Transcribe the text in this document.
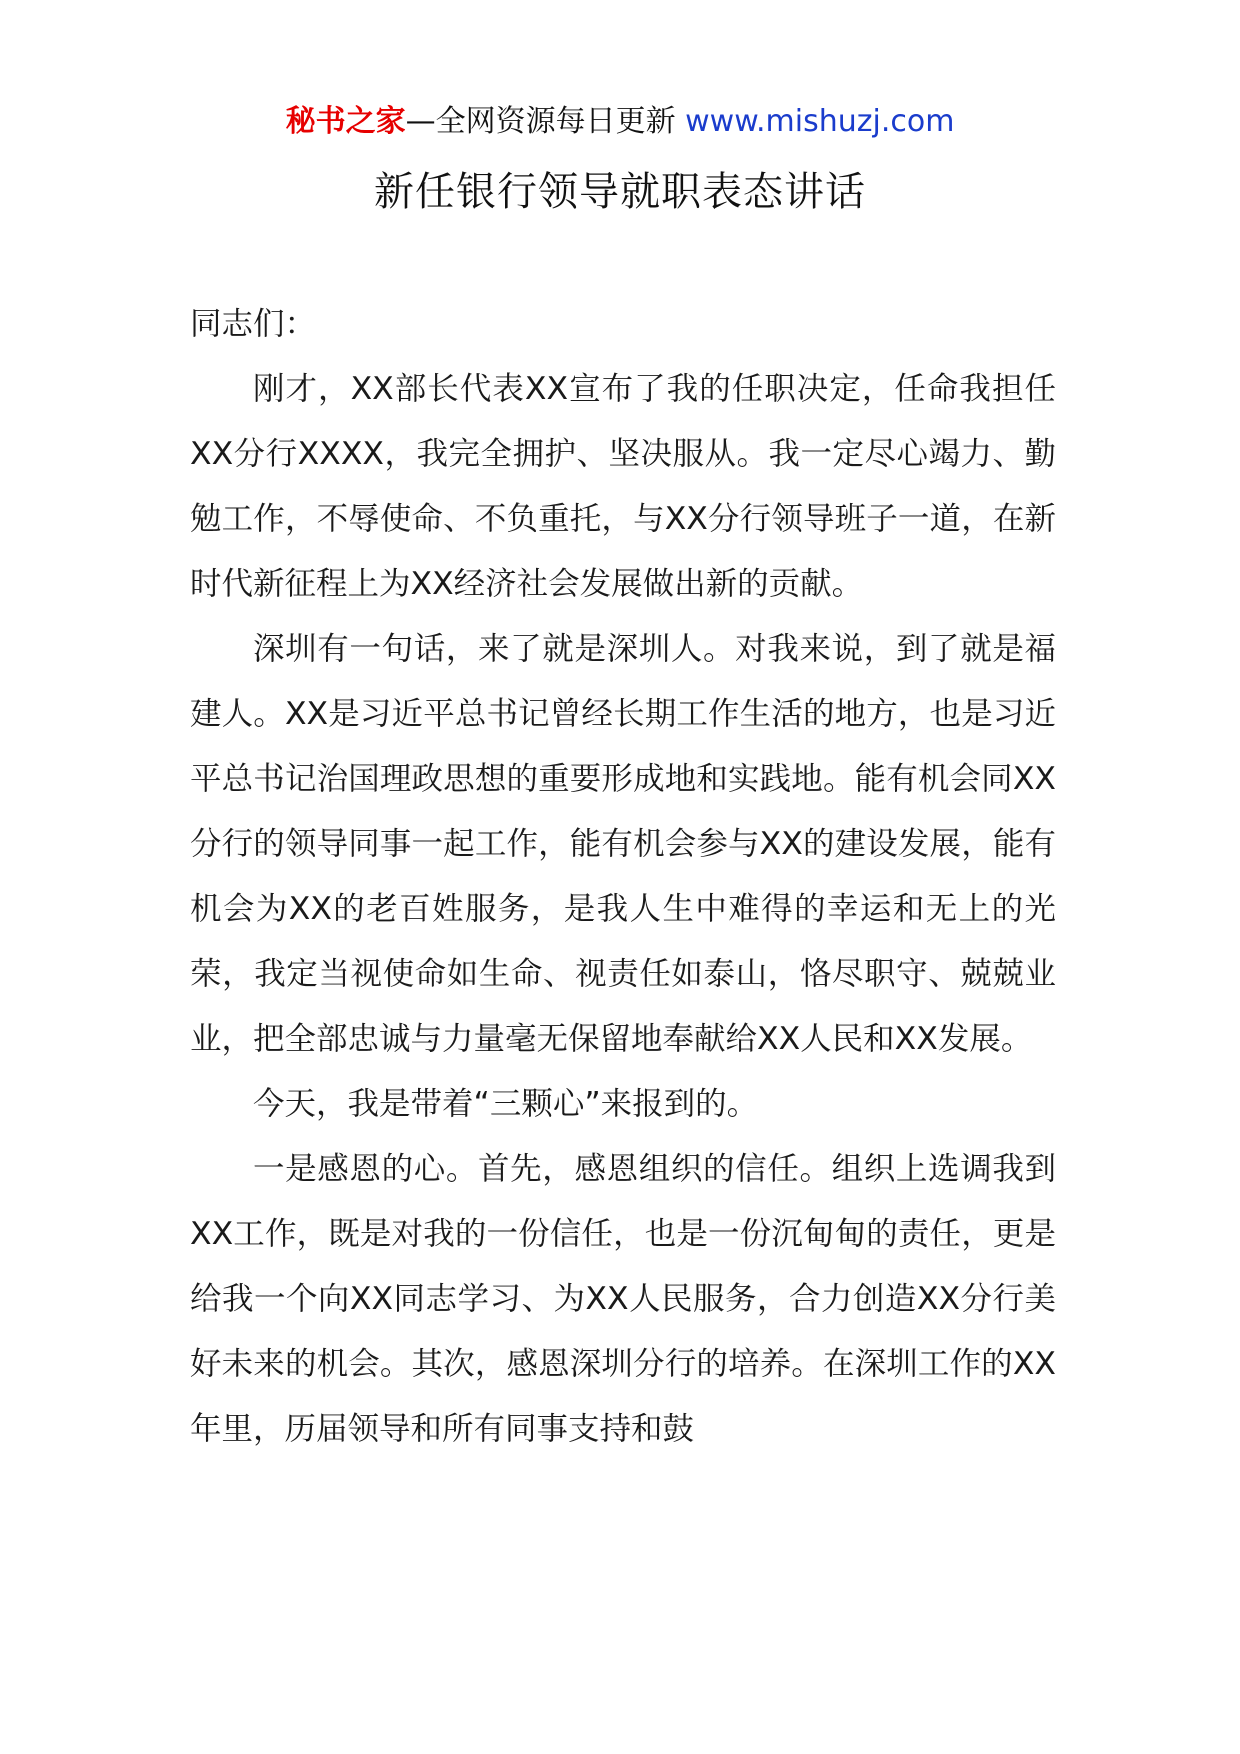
秘书之家—全网资源每日更新 www.mishuzj.com
新任银行领导就职表态讲话

同志们：

刚才，XX部长代表XX宣布了我的任职决定，任命我担任XX分行XXXX，我完全拥护、坚决服从。我一定尽心竭力、勤勉工作，不辱使命、不负重托，与XX分行领导班子一道，在新时代新征程上为XX经济社会发展做出新的贡献。

深圳有一句话，来了就是深圳人。对我来说，到了就是福建人。XX是习近平总书记曾经长期工作生活的地方，也是习近平总书记治国理政思想的重要形成地和实践地。能有机会同XX分行的领导同事一起工作，能有机会参与XX的建设发展，能有机会为XX的老百姓服务，是我人生中难得的幸运和无上的光荣，我定当视使命如生命、视责任如泰山，恪尽职守、兢兢业业，把全部忠诚与力量毫无保留地奉献给XX人民和XX发展。

今天，我是带着“三颗心”来报到的。

一是感恩的心。首先，感恩组织的信任。组织上选调我到XX工作，既是对我的一份信任，也是一份沉甸甸的责任，更是给我一个向XX同志学习、为XX人民服务，合力创造XX分行美好未来的机会。其次，感恩深圳分行的培养。在深圳工作的XX年里，历届领导和所有同事支持和鼓
